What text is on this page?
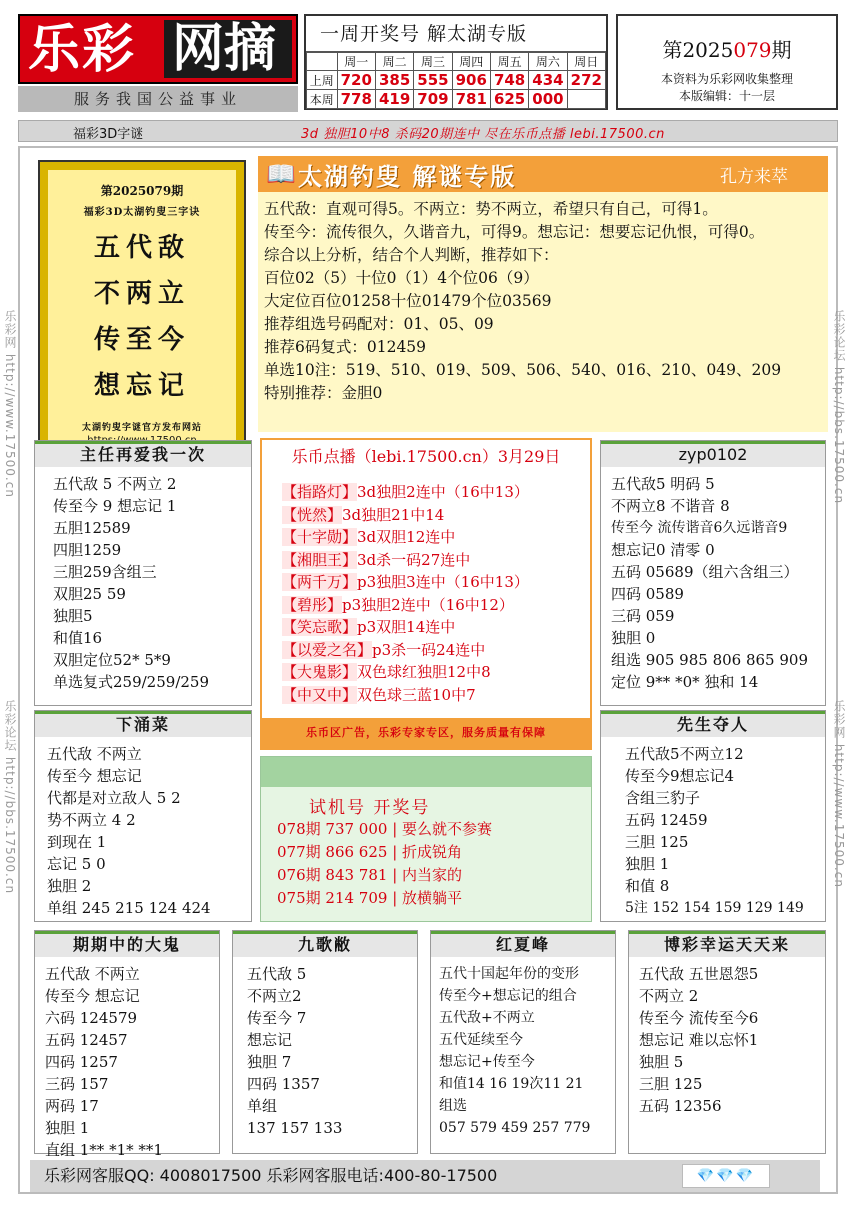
乐彩 网摘
服务我国公益事业
一周开奖号 解太湖专版
	周一	周二	周三	周四	周五	周六	周日
上周	720	385	555	906	748	434	272
本周	778	419	709	781	625	000	
第2025079期
本资料为乐彩网收集整理
本版编辑：十一层
福彩3D字谜	3d 独胆10中8 杀码20期连中 尽在乐币点播 lebi.17500.cn
第2025079期
福彩3D太湖钓叟三字诀
五代敌
不两立
传至今
想忘记
太湖钓叟字谜官方发布网站
📖 太湖钓叟 解谜专版	孔方来萃
五代敌：直观可得5。不两立：势不两立，希望只有自己，可得1。
传至今：流传很久，久谐音九，可得9。想忘记：想要忘记仇恨，可得0。
综合以上分析，结合个人判断，推荐如下：
百位02（5）十位0（1）4个位06（9）
大定位百位01258十位01479个位03569
推荐组选号码配对：01、05、09
推荐6码复式：012459
单选10注：519、510、019、509、506、540、016、210、049、209
特别推荐：金胆0
主任再爱我一次
五代敌 5 不两立 2
传至今 9 想忘记 1
五胆12589
四胆1259
三胆259含组三
双胆25 59
独胆5
和值16
双胆定位52* 5*9
单选复式259/259/259
乐币点播（lebi.17500.cn）3月29日
【指路灯】3d独胆2连中（16中13）
【恍然】3d独胆21中14
【十字勋】3d双胆12连中
【湘胆王】3d杀一码27连中
【两千万】p3独胆3连中（16中13）
【碧彤】p3独胆2连中（16中12）
【笑忘歌】p3双胆14连中
【以爱之名】p3杀一码24连中
【大鬼影】双色球红独胆12中8
【中又中】双色球三蓝10中7
乐币区广告，乐彩专家专区，服务质量有保障
zyp0102
五代敌5 明码 5
不两立8 不谐音 8
传至今 流传谐音6久远谐音9
想忘记0 清零 0
五码 05689（组六含组三）
四码 0589
三码 059
独胆 0
组选 905 985 806 865 909
定位 9** *0* 独和 14
下涌菜
五代敌 不两立
传至今 想忘记
代都是对立敌人 5 2
势不两立 4 2
到现在 1
忘记 5 0
独胆 2
单组 245 215 124 424
试机号 开奖号
078期 737 000 | 要么就不参赛
077期 866 625 | 折成锐角
076期 843 781 | 内当家的
075期 214 709 | 放横躺平
先生夺人
五代敌5不两立12
传至今9想忘记4
含组三豹子
五码 12459
三胆 125
独胆 1
和值 8
5注 152 154 159 129 149
期期中的大鬼
五代敌 不两立
传至今 想忘记
六码 124579
五码 12457
四码 1257
三码 157
两码 17
独胆 1
直组 1** *1* **1
九歌敝
五代敌 5
不两立2
传至今 7
想忘记
独胆 7
四码 1357
单组
137 157 133
红夏峰
五代十国起年份的变形
传至今+想忘记的组合
五代敌+不两立
五代延续至今
想忘记+传至今
和值14 16 19次11 21
组选
057 579 459 257 779
博彩幸运天天来
五代敌 五世恩怨5
不两立 2
传至今 流传至今6
想忘记 难以忘怀1
独胆 5
三胆 125
五码 12356
乐彩网客服QQ: 4008017500 乐彩网客服电话:400-80-17500	💎💎💎
乐彩网 http://www.17500.cn
乐彩论坛 http://bbs.17500.cn
乐彩论坛 http://bbs.17500.cn
乐彩网 http://www.17500.cn
